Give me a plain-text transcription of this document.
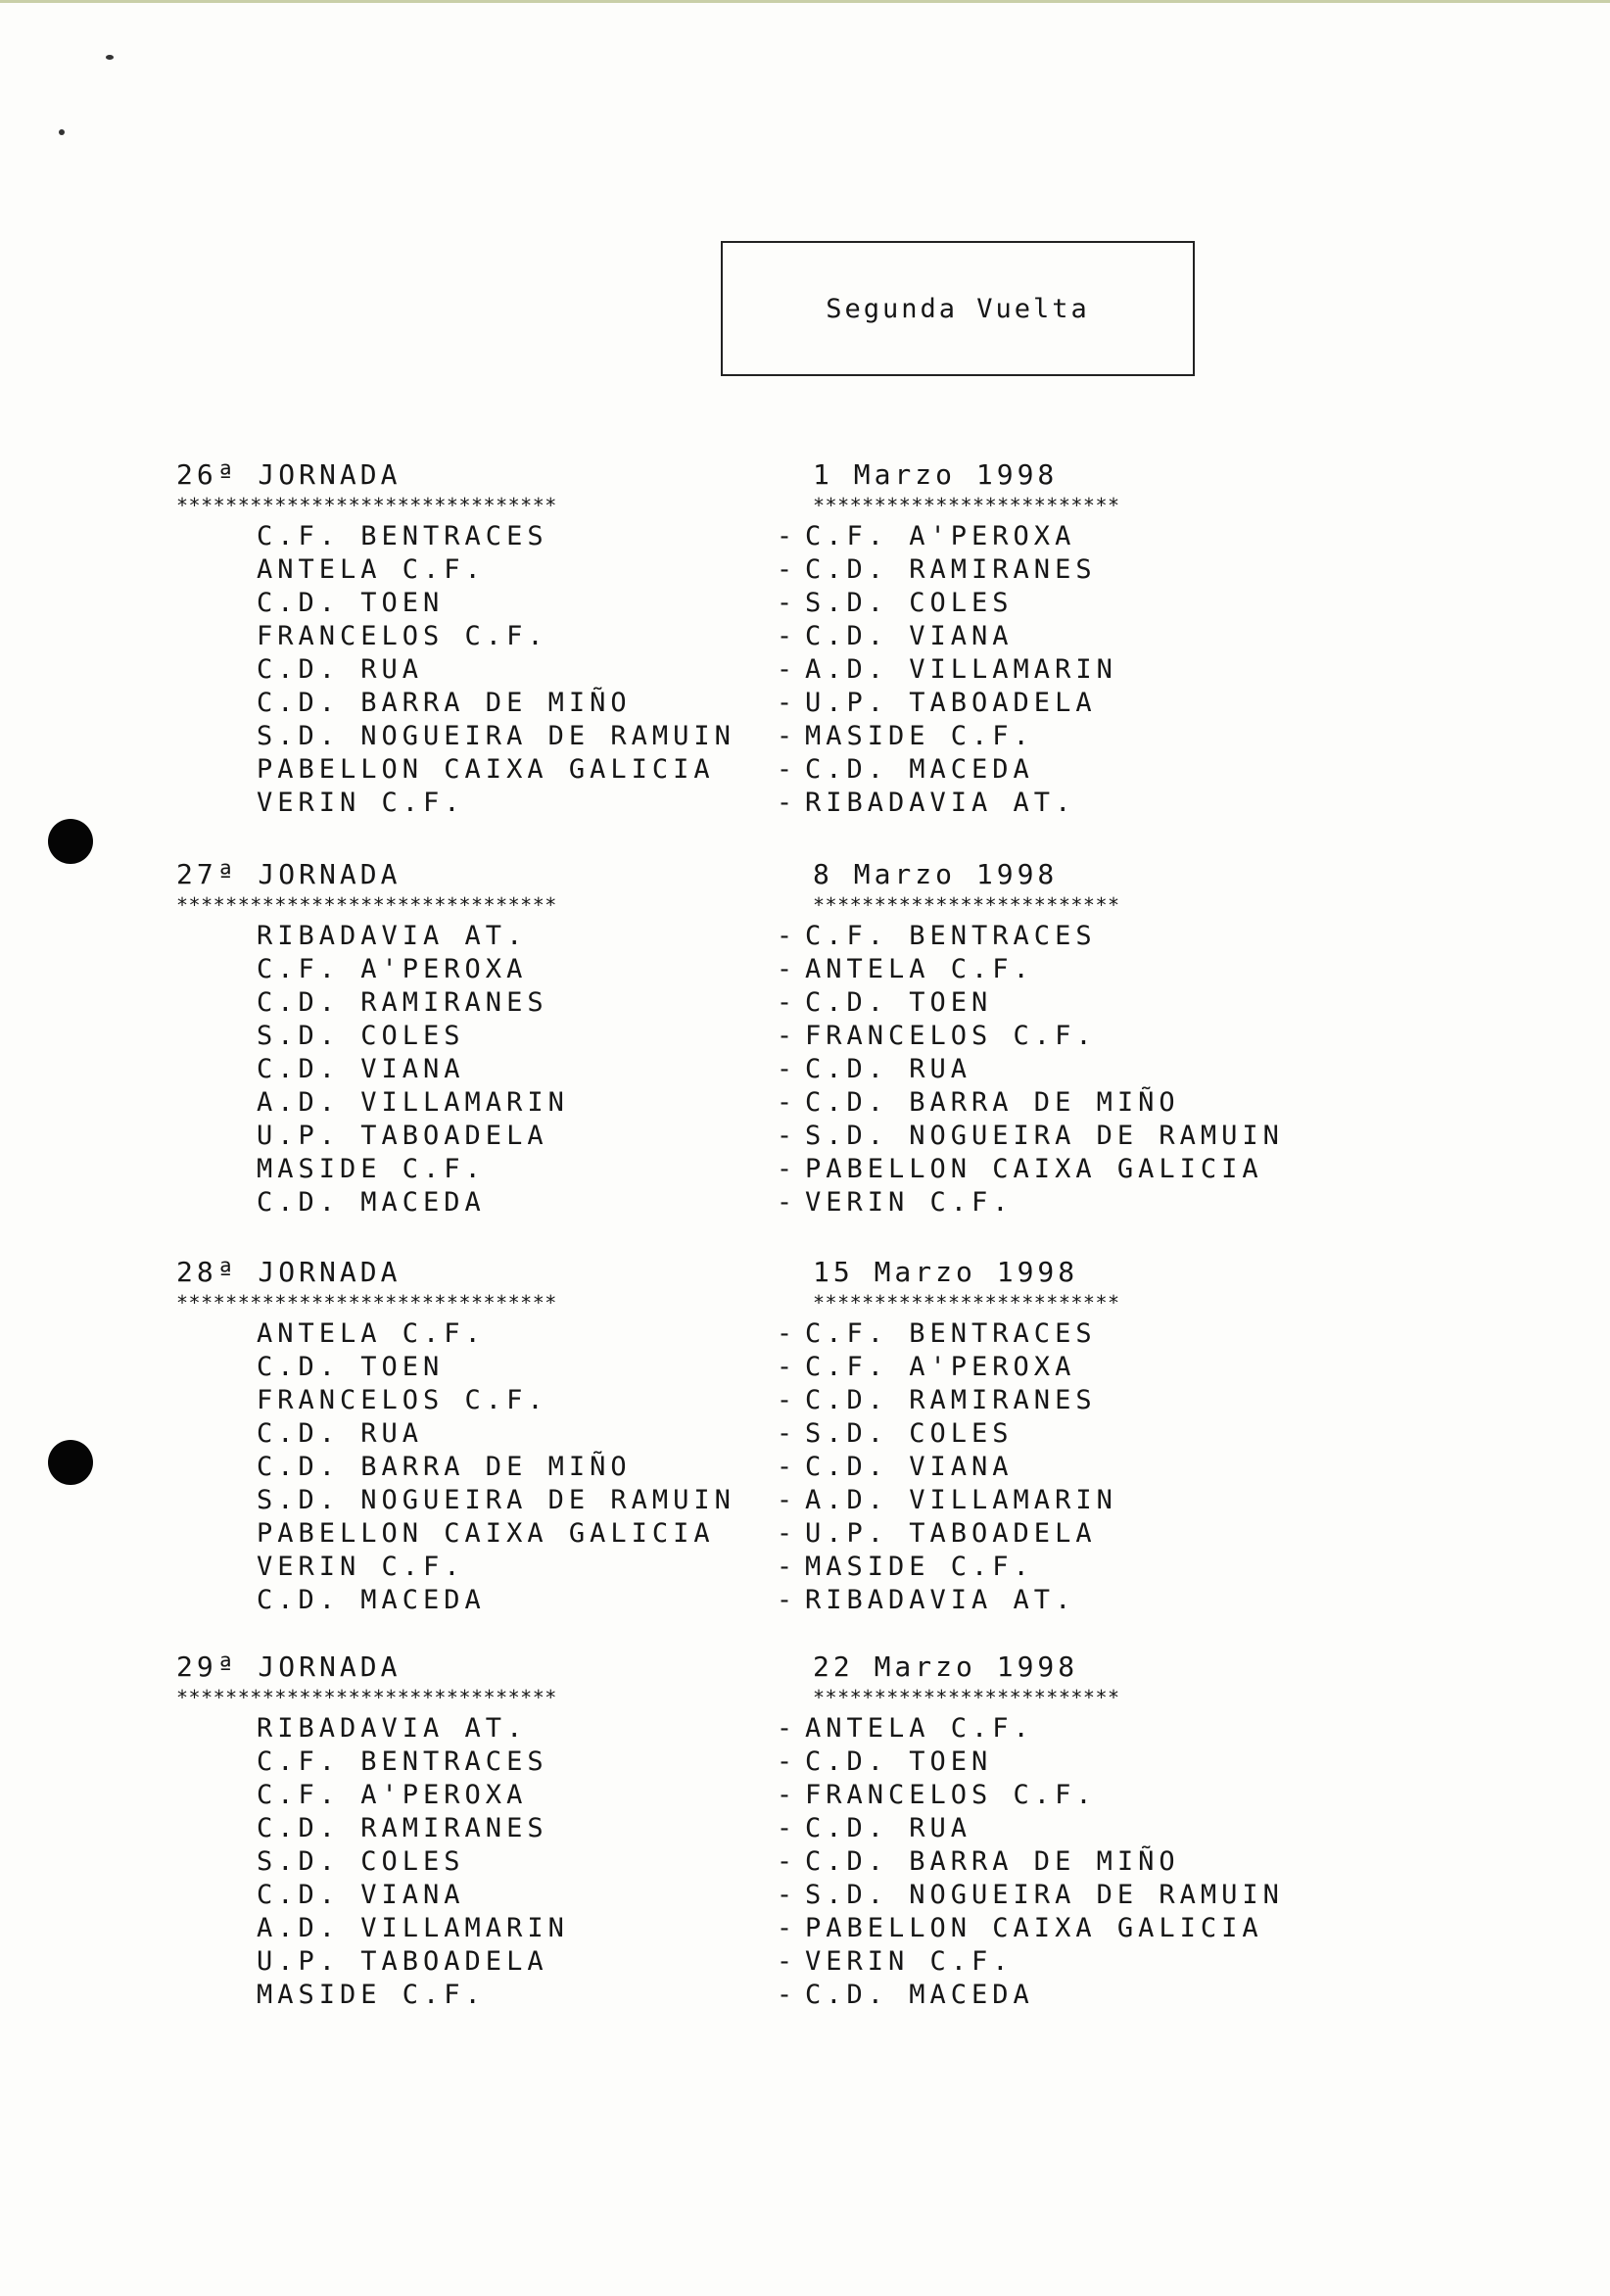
Segunda Vuelta
26ª JORNADA	1 Marzo 1998
*******************************	*************************
C.F. BENTRACES	- C.F. A'PEROXA
ANTELA C.F.	- C.D. RAMIRANES
C.D. TOEN	- S.D. COLES
FRANCELOS C.F.	- C.D. VIANA
C.D. RUA	- A.D. VILLAMARIN
C.D. BARRA DE MIÑO	- U.P. TABOADELA
S.D. NOGUEIRA DE RAMUIN	- MASIDE C.F.
PABELLON CAIXA GALICIA	- C.D. MACEDA
VERIN C.F.	- RIBADAVIA AT.
27ª JORNADA	8 Marzo 1998
*******************************	*************************
RIBADAVIA AT.	- C.F. BENTRACES
C.F. A'PEROXA	- ANTELA C.F.
C.D. RAMIRANES	- C.D. TOEN
S.D. COLES	- FRANCELOS C.F.
C.D. VIANA	- C.D. RUA
A.D. VILLAMARIN	- C.D. BARRA DE MIÑO
U.P. TABOADELA	- S.D. NOGUEIRA DE RAMUIN
MASIDE C.F.	- PABELLON CAIXA GALICIA
C.D. MACEDA	- VERIN C.F.
28ª JORNADA	15 Marzo 1998
*******************************	*************************
ANTELA C.F.	- C.F. BENTRACES
C.D. TOEN	- C.F. A'PEROXA
FRANCELOS C.F.	- C.D. RAMIRANES
C.D. RUA	- S.D. COLES
C.D. BARRA DE MIÑO	- C.D. VIANA
S.D. NOGUEIRA DE RAMUIN	- A.D. VILLAMARIN
PABELLON CAIXA GALICIA	- U.P. TABOADELA
VERIN C.F.	- MASIDE C.F.
C.D. MACEDA	- RIBADAVIA AT.
29ª JORNADA	22 Marzo 1998
*******************************	*************************
RIBADAVIA AT.	- ANTELA C.F.
C.F. BENTRACES	- C.D. TOEN
C.F. A'PEROXA	- FRANCELOS C.F.
C.D. RAMIRANES	- C.D. RUA
S.D. COLES	- C.D. BARRA DE MIÑO
C.D. VIANA	- S.D. NOGUEIRA DE RAMUIN
A.D. VILLAMARIN	- PABELLON CAIXA GALICIA
U.P. TABOADELA	- VERIN C.F.
MASIDE C.F.	- C.D. MACEDA
